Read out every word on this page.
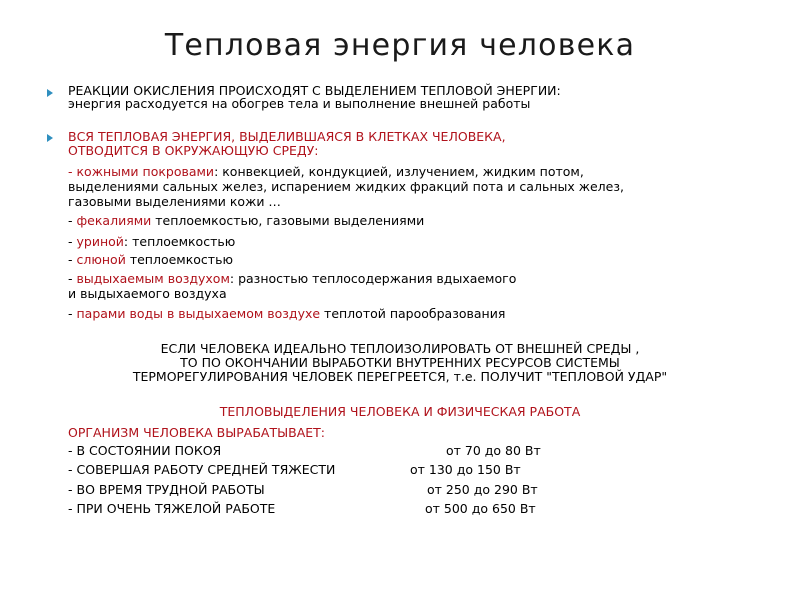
Тепловая энергия человека
РЕАКЦИИ ОКИСЛЕНИЯ ПРОИСХОДЯТ С ВЫДЕЛЕНИЕМ ТЕПЛОВОЙ ЭНЕРГИИ:
энергия расходуется на обогрев тела и выполнение внешней работы
ВСЯ ТЕПЛОВАЯ ЭНЕРГИЯ, ВЫДЕЛИВШАЯСЯ В КЛЕТКАХ ЧЕЛОВЕКА,
ОТВОДИТСЯ В ОКРУЖАЮЩУЮ СРЕДУ:
- кожными покровами: конвекцией, кондукцией, излучением, жидким потом,
выделениями сальных желез, испарением жидких фракций пота и сальных желез,
газовыми выделениями кожи …
- фекалиями теплоемкостью, газовыми выделениями
- уриной: теплоемкостью
- слюной теплоемкостью
- выдыхаемым воздухом: разностью теплосодержания вдыхаемого
и выдыхаемого воздуха
- парами воды в выдыхаемом воздухе теплотой парообразования
ЕСЛИ ЧЕЛОВЕКА ИДЕАЛЬНО ТЕПЛОИЗОЛИРОВАТЬ ОТ ВНЕШНЕЙ СРЕДЫ ,
ТО ПО ОКОНЧАНИИ ВЫРАБОТКИ ВНУТРЕННИХ РЕСУРСОВ СИСТЕМЫ
ТЕРМОРЕГУЛИРОВАНИЯ ЧЕЛОВЕК ПЕРЕГРЕЕТСЯ, т.е. ПОЛУЧИТ "ТЕПЛОВОЙ УДАР"
ТЕПЛОВЫДЕЛЕНИЯ ЧЕЛОВЕКА И ФИЗИЧЕСКАЯ РАБОТА
ОРГАНИЗМ ЧЕЛОВЕКА ВЫРАБАТЫВАЕТ:
- В СОСТОЯНИИ ПОКОЯ	от 70 до 80 Вт
- СОВЕРШАЯ РАБОТУ СРЕДНЕЙ ТЯЖЕСТИ	от 130 до 150 Вт
- ВО ВРЕМЯ ТРУДНОЙ РАБОТЫ	от 250 до 290 Вт
- ПРИ ОЧЕНЬ ТЯЖЕЛОЙ РАБОТЕ	от 500 до 650 Вт
